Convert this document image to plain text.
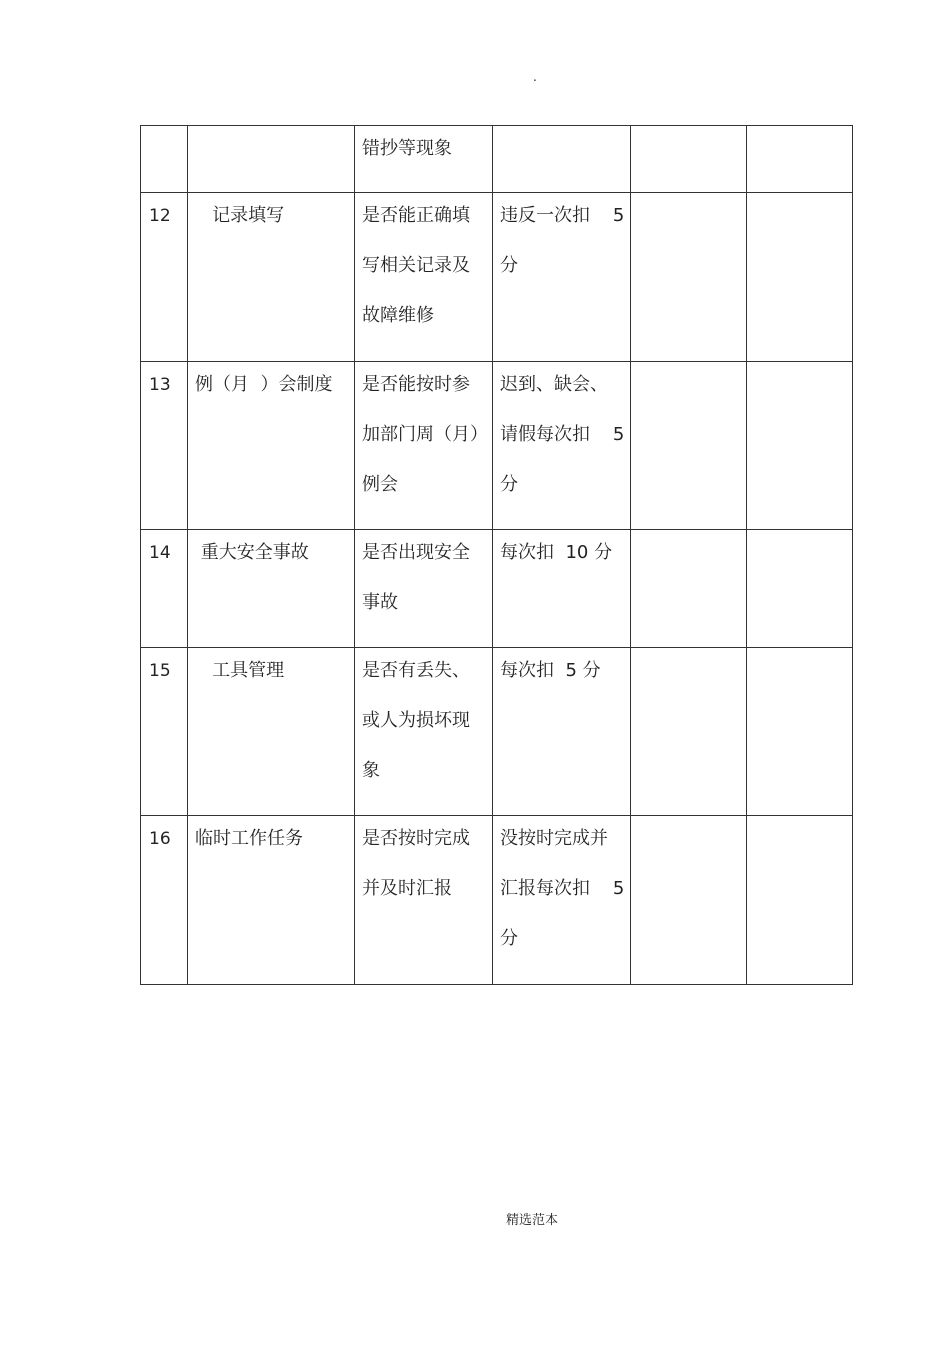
.

		错抄等现象			

12	记录填写	是否能正确填
写相关记录及
故障维修	违反一次扣    5
分		

13	例（月  ）会制度	是否能按时参
加部门周（月）
例会	迟到、缺会、
请假每次扣    5
分		

14	重大安全事故	是否出现安全
事故	每次扣  10 分		

15	工具管理	是否有丢失、
或人为损坏现
象	每次扣  5 分		

16	临时工作任务	是否按时完成
并及时汇报	没按时完成并
汇报每次扣    5
分		

精选范本
